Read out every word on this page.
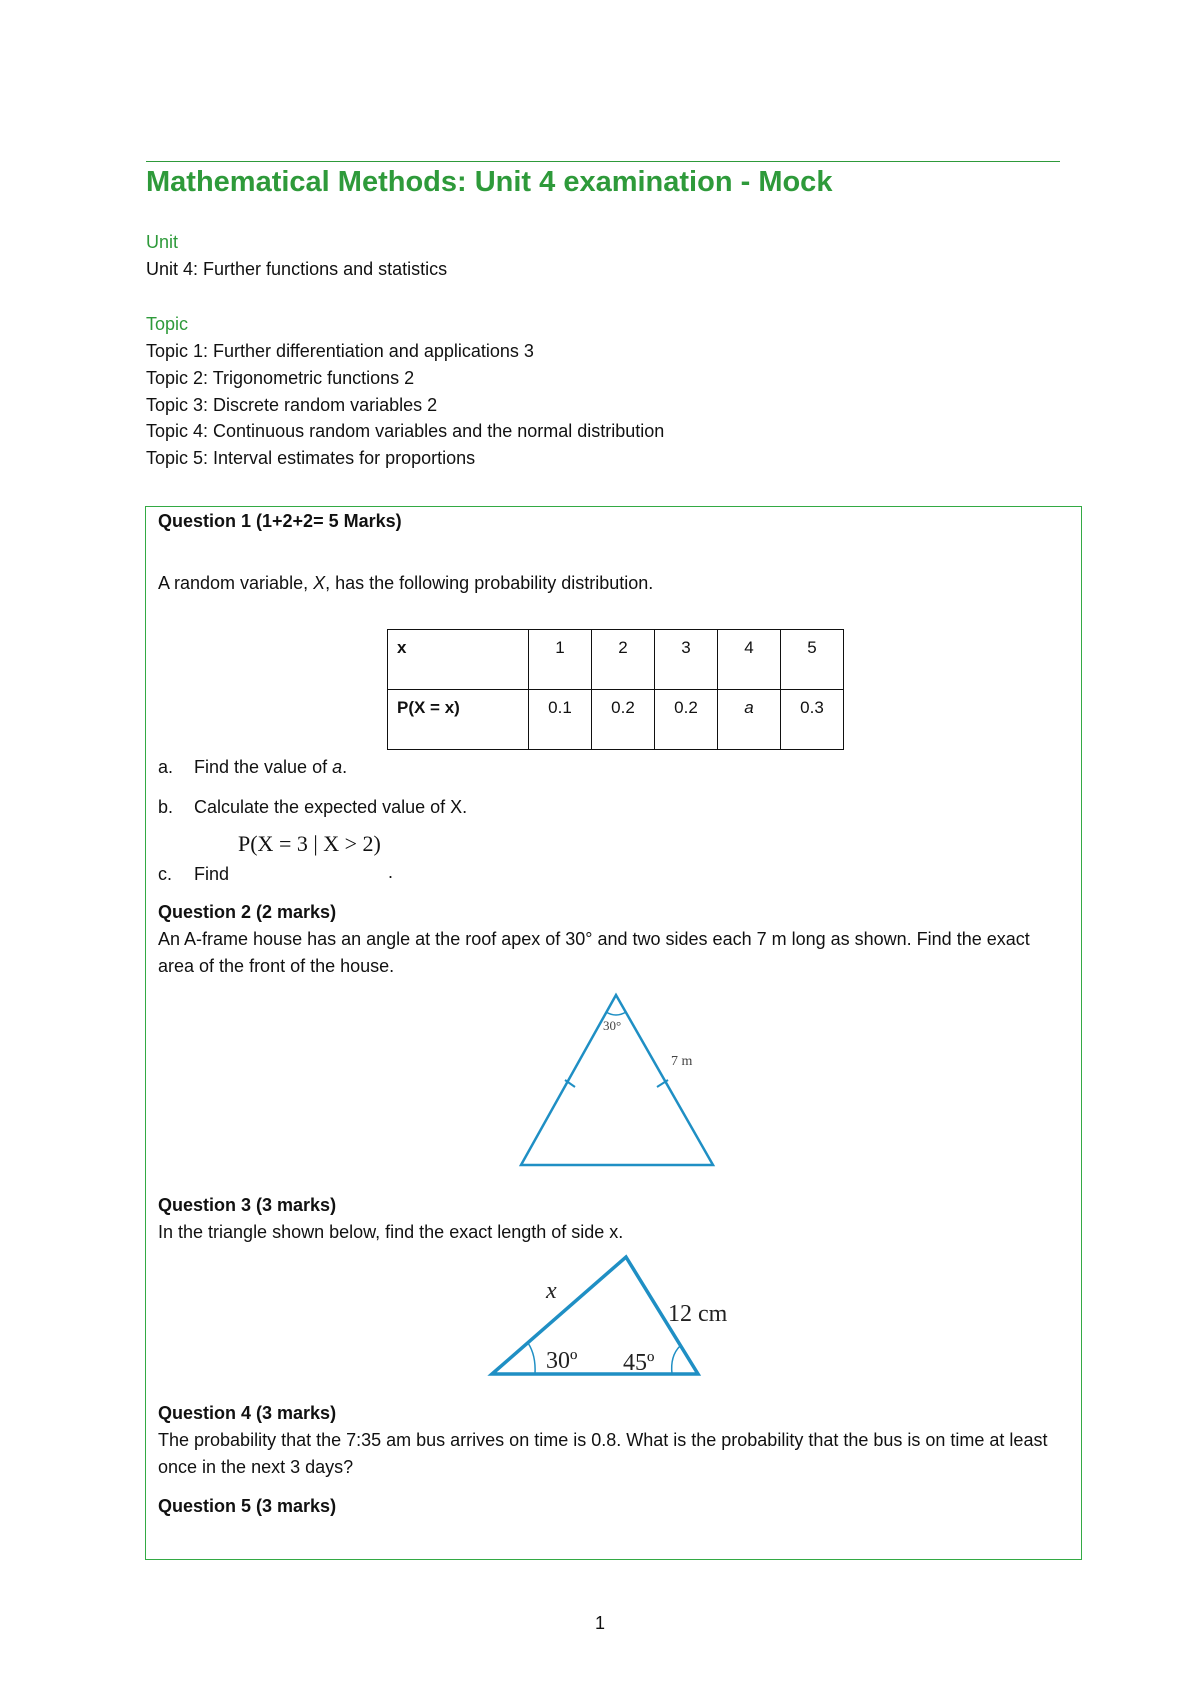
Mathematical Methods: Unit 4 examination - Mock
Unit
Unit 4: Further functions and statistics
Topic
Topic 1: Further differentiation and applications 3
Topic 2: Trigonometric functions 2
Topic 3: Discrete random variables 2
Topic 4: Continuous random variables and the normal distribution
Topic 5: Interval estimates for proportions
Question 1 (1+2+2= 5 Marks)
A random variable, X, has the following probability distribution.
x	1	2	3	4	5
P(X = x)	0.1	0.2	0.2	a	0.3
a. Find the value of a.
b. Calculate the expected value of X.
P(X = 3 | X > 2)
c. Find	.
Question 2 (2 marks)
An A-frame house has an angle at the roof apex of 30° and two sides each 7 m long as shown. Find the exact area of the front of the house.
30°
7 m
Question 3 (3 marks)
In the triangle shown below, find the exact length of side x.
x
12 cm
30º 45º
Question 4 (3 marks)
The probability that the 7:35 am bus arrives on time is 0.8. What is the probability that the bus is on time at least once in the next 3 days?
Question 5 (3 marks)
1
